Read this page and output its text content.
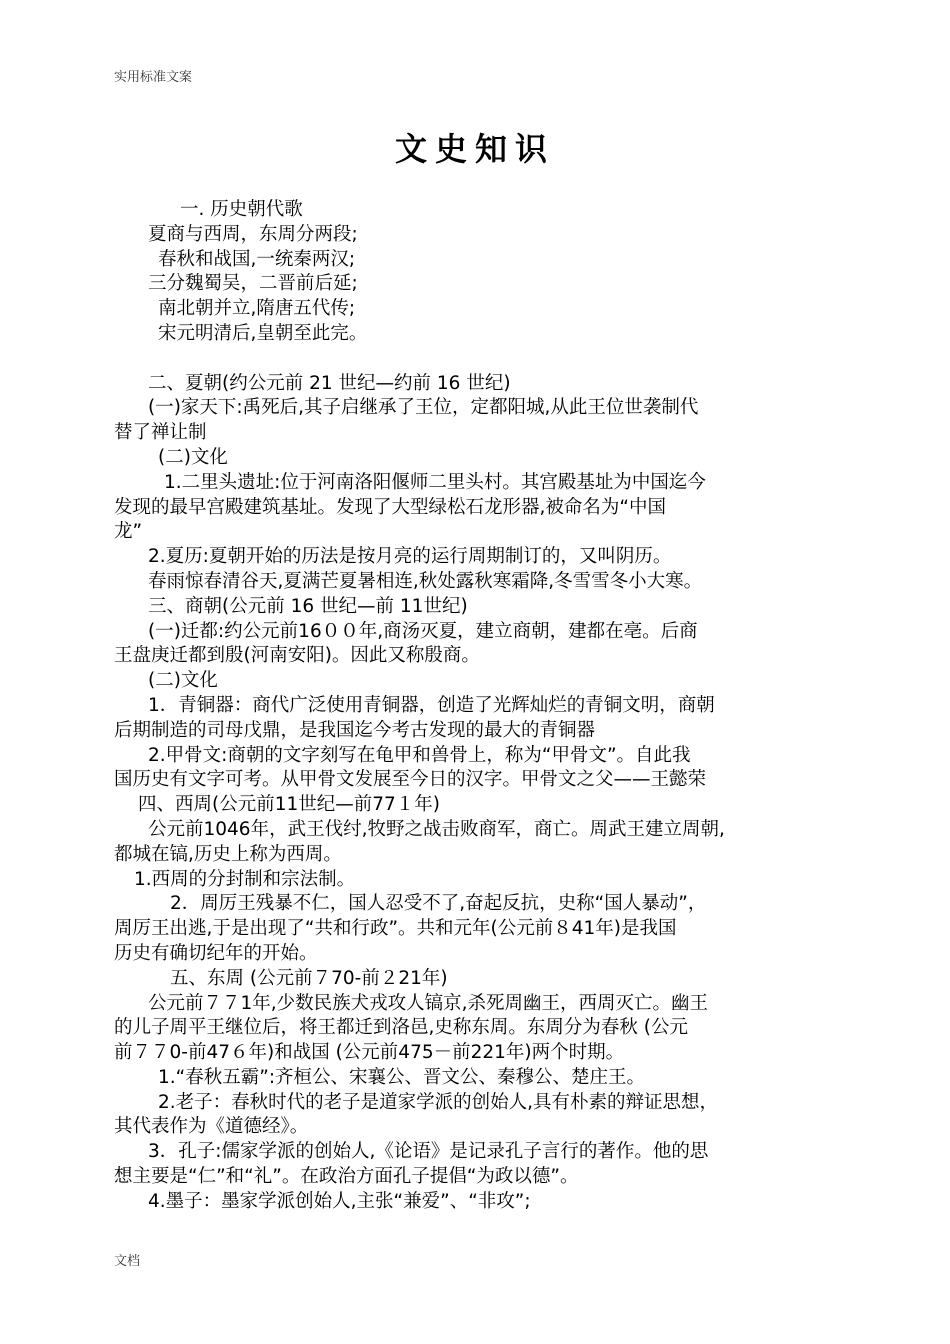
实用标准文案
文史知识
一. 历史朝代歌
夏商与西周，东周分两段;
春秋和战国,一统秦两汉;
三分魏蜀吴，二晋前后延;
南北朝并立,隋唐五代传;
宋元明清后,皇朝至此完。
二、夏朝(约公元前 21 世纪—约前 16 世纪)
(一)家天下:禹死后,其子启继承了王位，定都阳城,从此王位世袭制代
替了禅让制
(二)文化
1.二里头遗址:位于河南洛阳偃师二里头村。其宫殿基址为中国迄今
发现的最早宫殿建筑基址。发现了大型绿松石龙形器,被命名为“中国
龙”
2.夏历:夏朝开始的历法是按月亮的运行周期制订的，又叫阴历。
春雨惊春清谷天,夏满芒夏暑相连,秋处露秋寒霜降,冬雪雪冬小大寒。
三、商朝(公元前 16 世纪—前 11世纪)
(一)迁都:约公元前16００年,商汤灭夏，建立商朝，建都在亳。后商
王盘庚迁都到殷(河南安阳)。因此又称殷商。
(二)文化
1．青铜器：商代广泛使用青铜器，创造了光辉灿烂的青铜文明，商朝
后期制造的司母戊鼎，是我国迄今考古发现的最大的青铜器
2.甲骨文:商朝的文字刻写在龟甲和兽骨上，称为“甲骨文”。自此我
国历史有文字可考。从甲骨文发展至今日的汉字。甲骨文之父——王懿荣
四、西周(公元前11世纪—前77１年)
公元前1046年，武王伐纣,牧野之战击败商军，商亡。周武王建立周朝,
都城在镐,历史上称为西周。
1.西周的分封制和宗法制。
2．周厉王残暴不仁，国人忍受不了,奋起反抗，史称“国人暴动”，
周厉王出逃,于是出现了“共和行政”。共和元年(公元前８41年)是我国
历史有确切纪年的开始。
五、东周 (公元前７70-前２21年)
公元前７７1年,少数民族犬戎攻人镐京,杀死周幽王，西周灭亡。幽王
的儿子周平王继位后，将王都迁到洛邑,史称东周。东周分为春秋 (公元
前７７0-前47６年)和战国 (公元前475－前221年)两个时期。
1.“春秋五霸”:齐桓公、宋襄公、晋文公、秦穆公、楚庄王。
2.老子：春秋时代的老子是道家学派的创始人,具有朴素的辩证思想，
其代表作为《道德经》。
3．孔子:儒家学派的创始人,《论语》是记录孔子言行的著作。他的思
想主要是“仁”和“礼”。在政治方面孔子提倡“为政以德”。
4.墨子：墨家学派创始人,主张“兼爱”、“非攻”;
文档
